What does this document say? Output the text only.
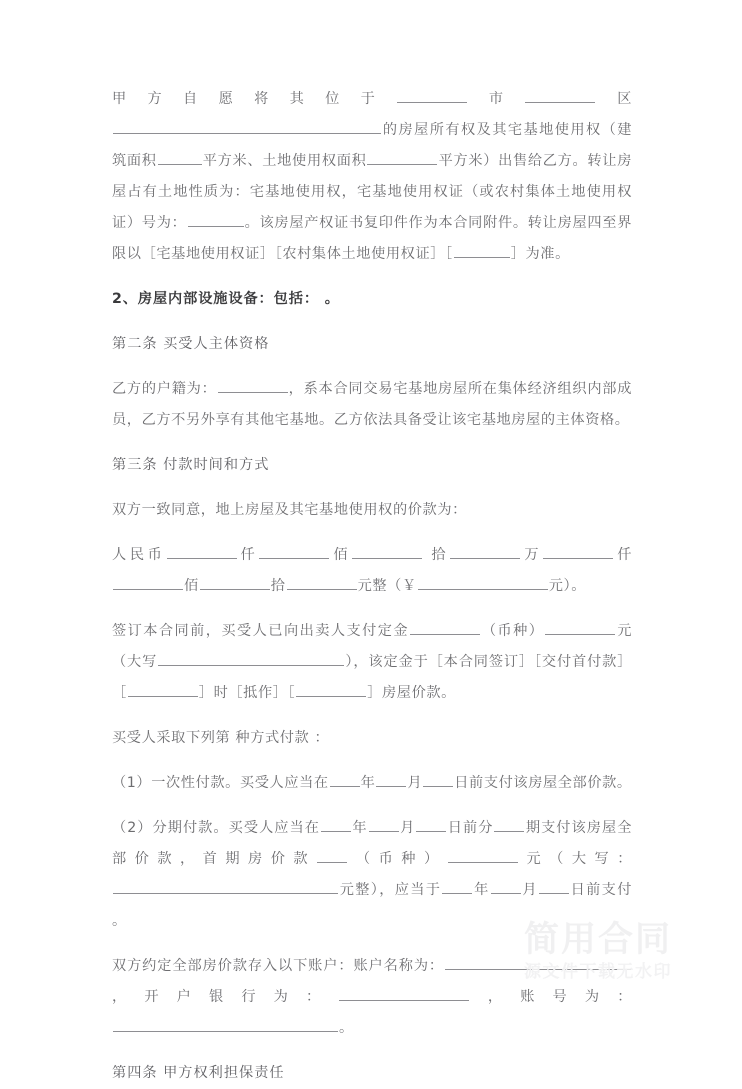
甲方自愿将其位于	市	区的房屋所有权及其宅基地使用权（建筑面积	平方米、土地使用权面积	平方米）出售给乙方。转让房屋占有土地性质为：宅基地使用权，宅基地使用权证（或农村集体土地使用权证）号为：	。该房屋产权证书复印件作为本合同附件。转让房屋四至界限以［宅基地使用权证］［农村集体土地使用权证］［	］为准。

2、房屋内部设施设备：包括： 。

第二条 买受人主体资格

乙方的户籍为：	，系本合同交易宅基地房屋所在集体经济组织内部成员，乙方不另外享有其他宅基地。乙方依法具备受让该宅基地房屋的主体资格。

第三条 付款时间和方式

双方一致同意，地上房屋及其宅基地使用权的价款为：

人民币	仟	佰	拾	万	仟佰	拾	元整（￥	元）。

签订本合同前，买受人已向出卖人支付定金	（币种）	元（大写	），该定金于［本合同签订］［交付首付款］［	］时［抵作］［	］房屋价款。

买受人采取下列第 种方式付款 ：

（1）一次性付款。买受人应当在 年 月 日前支付该房屋全部价款。

（2）分期付款。买受人应当在 年 月 日前分 期支付该房屋全部价款，首期房价款 （币种）	元（大写：元整），应当于 年 月 日前支付 。

双方约定全部房价款存入以下账户：账户名称为：，开户银行为：	，账号为：。

第四条 甲方权利担保责任

简用合同
源文件下载无水印
